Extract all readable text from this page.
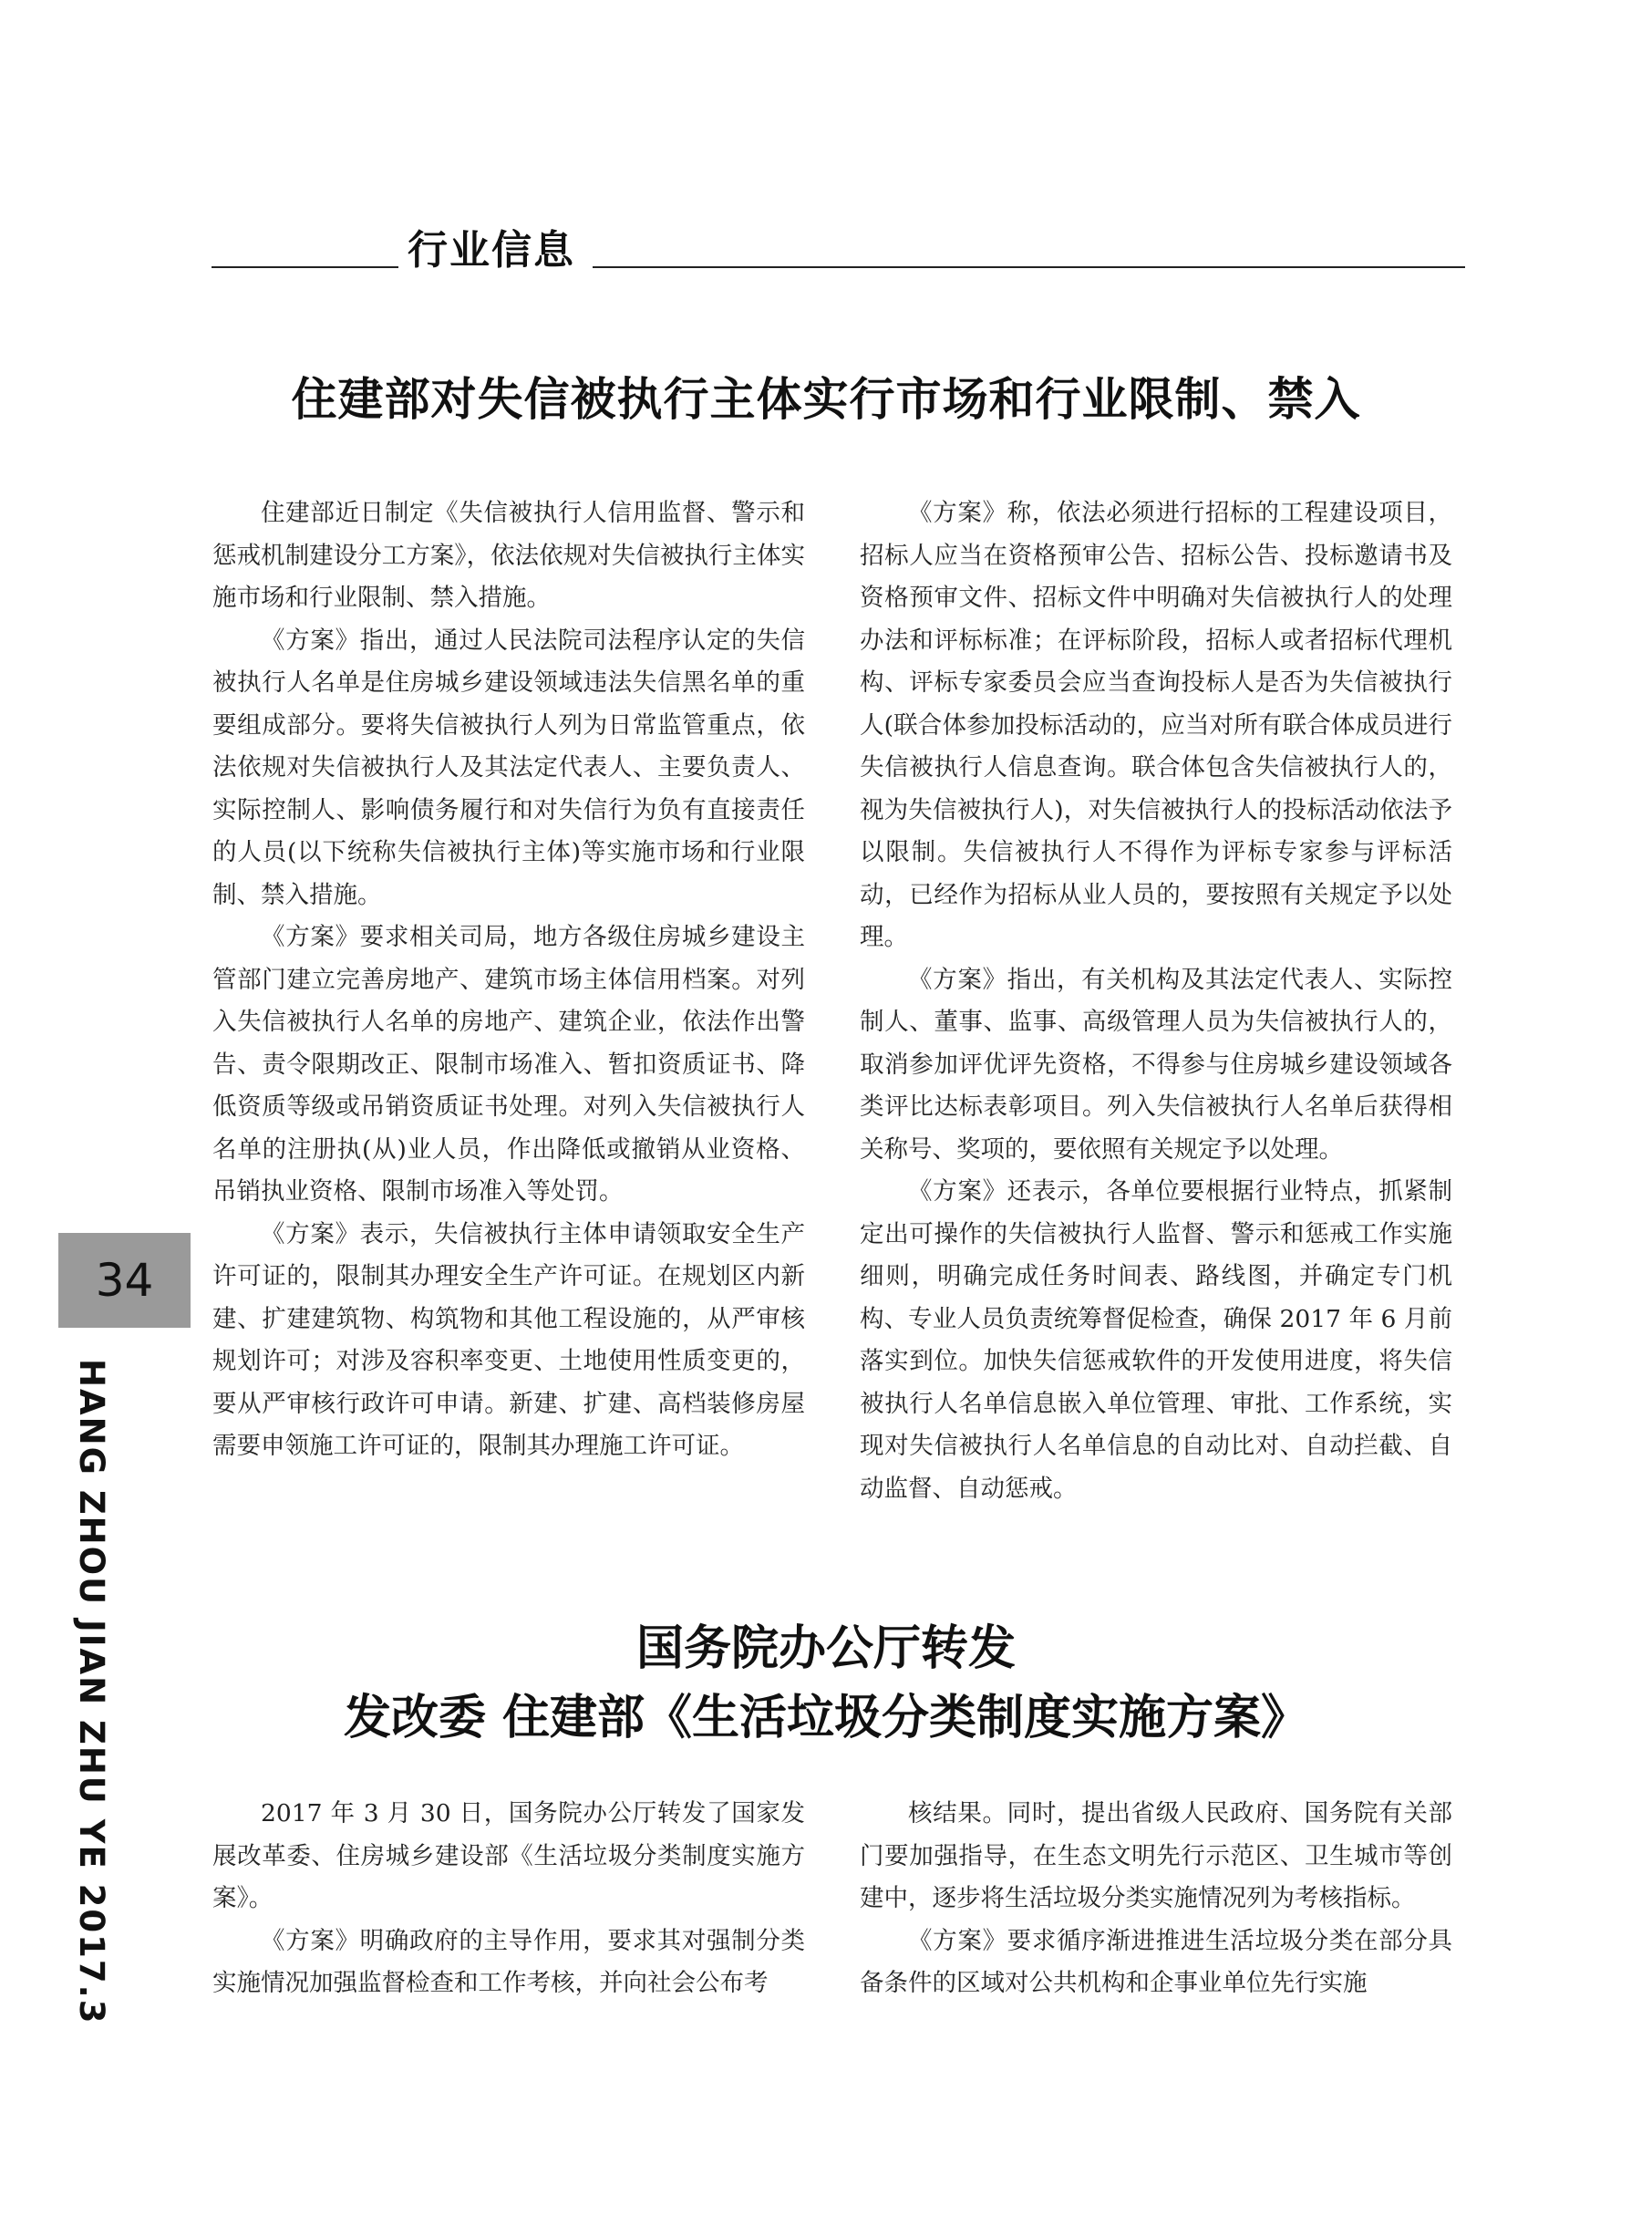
行业信息
住建部对失信被执行主体实行市场和行业限制、禁入

住建部近日制定《失信被执行人信用监督、警示和惩戒机制建设分工方案》，依法依规对失信被执行主体实施市场和行业限制、禁入措施。

《方案》指出，通过人民法院司法程序认定的失信被执行人名单是住房城乡建设领域违法失信黑名单的重要组成部分。要将失信被执行人列为日常监管重点，依法依规对失信被执行人及其法定代表人、主要负责人、实际控制人、影响债务履行和对失信行为负有直接责任的人员(以下统称失信被执行主体)等实施市场和行业限制、禁入措施。

《方案》要求相关司局，地方各级住房城乡建设主管部门建立完善房地产、建筑市场主体信用档案。对列入失信被执行人名单的房地产、建筑企业，依法作出警告、责令限期改正、限制市场准入、暂扣资质证书、降低资质等级或吊销资质证书处理。对列入失信被执行人名单的注册执(从)业人员，作出降低或撤销从业资格、吊销执业资格、限制市场准入等处罚。

《方案》表示，失信被执行主体申请领取安全生产许可证的，限制其办理安全生产许可证。在规划区内新建、扩建建筑物、构筑物和其他工程设施的，从严审核规划许可；对涉及容积率变更、土地使用性质变更的，要从严审核行政许可申请。新建、扩建、高档装修房屋需要申领施工许可证的，限制其办理施工许可证。

《方案》称，依法必须进行招标的工程建设项目，招标人应当在资格预审公告、招标公告、投标邀请书及资格预审文件、招标文件中明确对失信被执行人的处理办法和评标标准；在评标阶段，招标人或者招标代理机构、评标专家委员会应当查询投标人是否为失信被执行人(联合体参加投标活动的，应当对所有联合体成员进行失信被执行人信息查询。联合体包含失信被执行人的，视为失信被执行人)，对失信被执行人的投标活动依法予以限制。失信被执行人不得作为评标专家参与评标活动，已经作为招标从业人员的，要按照有关规定予以处理。

《方案》指出，有关机构及其法定代表人、实际控制人、董事、监事、高级管理人员为失信被执行人的，取消参加评优评先资格，不得参与住房城乡建设领域各类评比达标表彰项目。列入失信被执行人名单后获得相关称号、奖项的，要依照有关规定予以处理。

《方案》还表示，各单位要根据行业特点，抓紧制定出可操作的失信被执行人监督、警示和惩戒工作实施细则，明确完成任务时间表、路线图，并确定专门机构、专业人员负责统筹督促检查，确保 2017 年 6 月前落实到位。加快失信惩戒软件的开发使用进度，将失信被执行人名单信息嵌入单位管理、审批、工作系统，实现对失信被执行人名单信息的自动比对、自动拦截、自动监督、自动惩戒。

国务院办公厅转发
发改委 住建部《生活垃圾分类制度实施方案》

2017 年 3 月 30 日，国务院办公厅转发了国家发展改革委、住房城乡建设部《生活垃圾分类制度实施方案》。

《方案》明确政府的主导作用，要求其对强制分类实施情况加强监督检查和工作考核，并向社会公布考

核结果。同时，提出省级人民政府、国务院有关部门要加强指导，在生态文明先行示范区、卫生城市等创建中，逐步将生活垃圾分类实施情况列为考核指标。

《方案》要求循序渐进推进生活垃圾分类在部分具备条件的区域对公共机构和企事业单位先行实施

34
HANG ZHOU JIAN ZHU YE 2017.3
